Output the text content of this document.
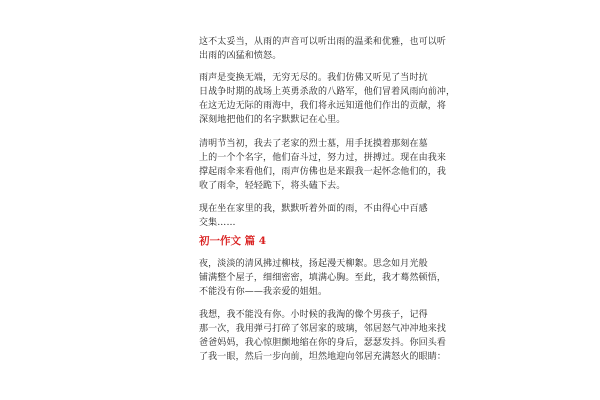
这不太妥当，从雨的声音可以听出雨的温柔和优雅，也可以听

出雨的凶猛和愤怒。

雨声是变换无端，无穷无尽的。我们仿佛又听见了当时抗

日战争时期的战场上英勇杀敌的八路军，他们冒着风雨向前冲，

在这无边无际的雨海中，我们将永远知道他们作出的贡献，将

深刻地把他们的名字默默记在心里。

清明节当初，我去了老家的烈士墓，用手抚摸着那刻在墓

上的一个个名字，他们奋斗过，努力过，拼搏过。现在由我来

撑起雨伞来看他们，雨声仿佛也是来跟我一起怀念他们的，我

收了雨伞，轻轻跪下，将头磕下去。

现在坐在家里的我，默默听着外面的雨，不由得心中百感

交集……

初一作文 篇 4

夜，淡淡的清风拂过柳枝，扬起漫天柳絮。思念如月光般

铺满整个屋子，细细密密，填满心胸。至此，我才蓦然顿悟，

不能没有你——我亲爱的姐姐。

我想，我不能没有你。小时候的我淘的像个男孩子，记得

那一次，我用弹弓打碎了邻居家的玻璃，邻居怒气冲冲地来找

爸爸妈妈，我心惊胆颤地缩在你的身后，瑟瑟发抖。你回头看

了我一眼，然后一步向前，坦然地迎向邻居充满怒火的眼睛：
